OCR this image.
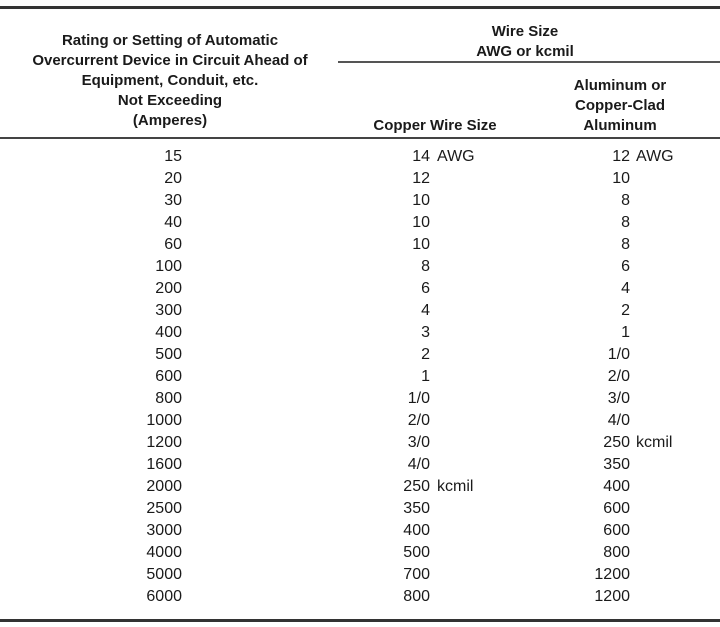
Rating or Setting of Automatic
Overcurrent Device in Circuit Ahead of
Equipment, Conduit, etc.
Not Exceeding
(Amperes)
Wire Size
AWG or kcmil
Copper Wire Size
Aluminum or
Copper-Clad
Aluminum
15	14 AWG	12 AWG
20	12	10
30	10	8
40	10	8
60	10	8
100	8	6
200	6	4
300	4	2
400	3	1
500	2	1/0
600	1	2/0
800	1/0	3/0
1000	2/0	4/0
1200	3/0	250 kcmil
1600	4/0	350
2000	250 kcmil	400
2500	350	600
3000	400	600
4000	500	800
5000	700	1200
6000	800	1200
